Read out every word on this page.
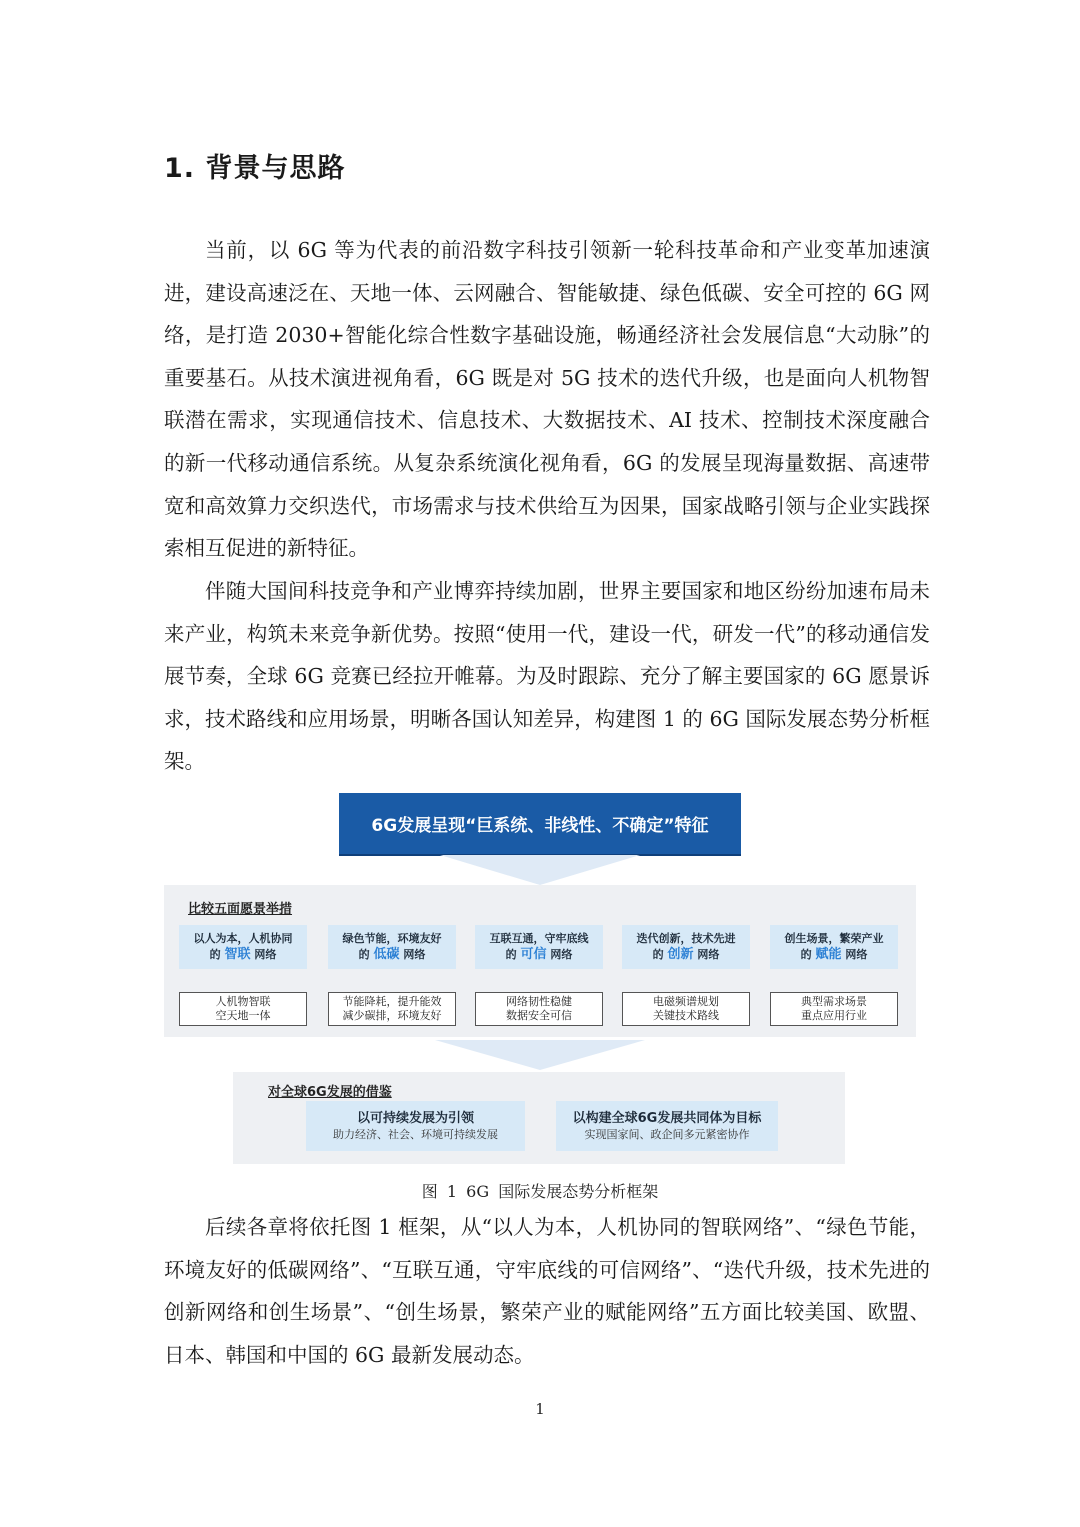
1. 背景与思路

当前，以 6G 等为代表的前沿数字科技引领新一轮科技革命和产业变革加速演进，建设高速泛在、天地一体、云网融合、智能敏捷、绿色低碳、安全可控的 6G 网络，是打造 2030+智能化综合性数字基础设施，畅通经济社会发展信息“大动脉”的重要基石。从技术演进视角看，6G 既是对 5G 技术的迭代升级，也是面向人机物智联潜在需求，实现通信技术、信息技术、大数据技术、AI 技术、控制技术深度融合的新一代移动通信系统。从复杂系统演化视角看，6G 的发展呈现海量数据、高速带宽和高效算力交织迭代，市场需求与技术供给互为因果，国家战略引领与企业实践探索相互促进的新特征。

伴随大国间科技竞争和产业博弈持续加剧，世界主要国家和地区纷纷加速布局未来产业，构筑未来竞争新优势。按照“使用一代，建设一代，研发一代”的移动通信发展节奏，全球 6G 竞赛已经拉开帷幕。为及时跟踪、充分了解主要国家的 6G 愿景诉求，技术路线和应用场景，明晰各国认知差异，构建图 1 的 6G 国际发展态势分析框架。

6G发展呈现“巨系统、非线性、不确定”特征
比较五面愿景举措
以人为本，人机协同
的 智联 网络
绿色节能，环境友好
的 低碳 网络
互联互通，守牢底线
的 可信 网络
迭代创新，技术先进
的 创新 网络
创生场景，繁荣产业
的 赋能 网络
人机物智联
空天地一体
节能降耗，提升能效
减少碳排，环境友好
网络韧性稳健
数据安全可信
电磁频谱规划
关键技术路线
典型需求场景
重点应用行业
对全球6G发展的借鉴
以可持续发展为引领
助力经济、社会、环境可持续发展
以构建全球6G发展共同体为目标
实现国家间、政企间多元紧密协作
图 1 6G 国际发展态势分析框架

后续各章将依托图 1 框架，从“以人为本，人机协同的智联网络”、“绿色节能，环境友好的低碳网络”、“互联互通，守牢底线的可信网络”、“迭代升级，技术先进的创新网络和创生场景”、“创生场景，繁荣产业的赋能网络”五方面比较美国、欧盟、日本、韩国和中国的 6G 最新发展动态。

1
